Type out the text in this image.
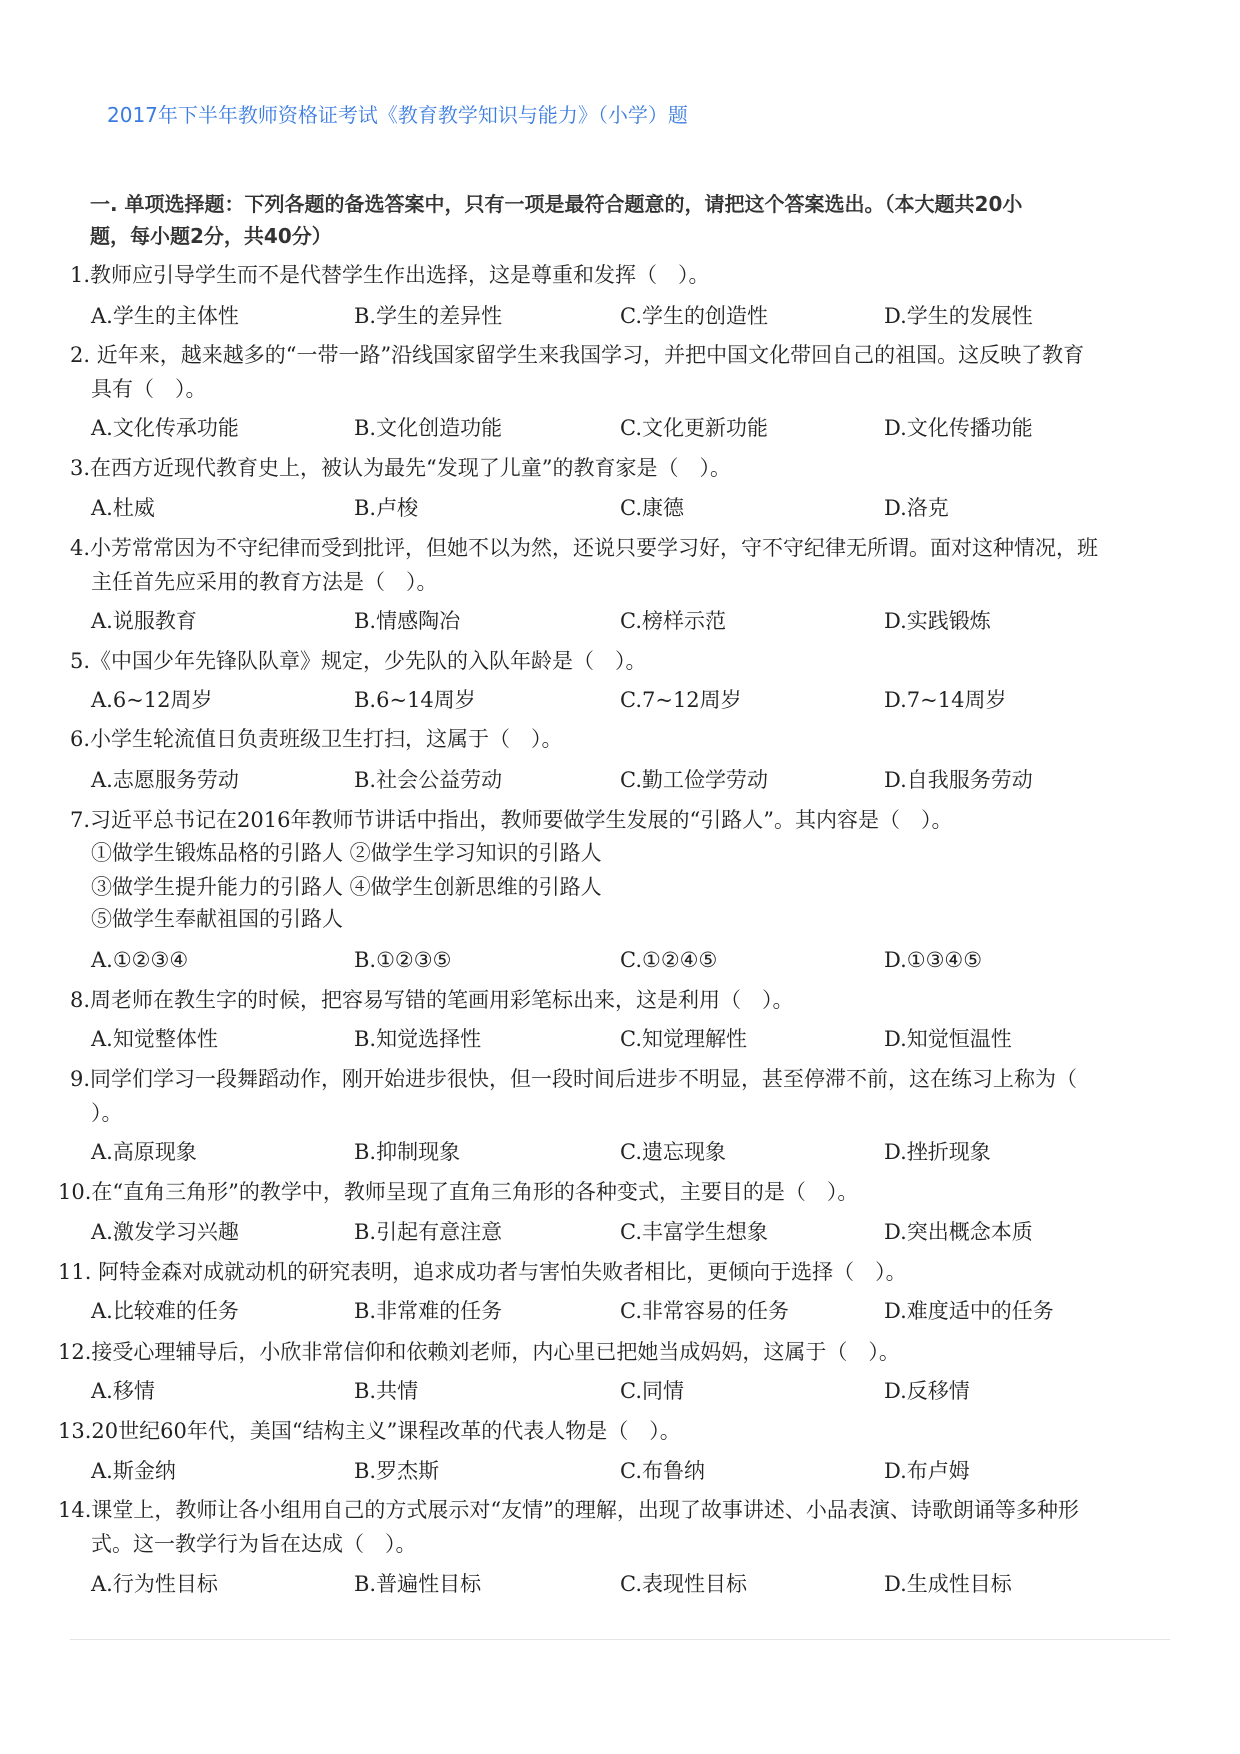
2017年下半年教师资格证考试《教育教学知识与能力》（小学）题
一. 单项选择题：下列各题的备选答案中，只有一项是最符合题意的，请把这个答案选出。（本大题共20小
题，每小题2分，共40分）
1.教师应引导学生而不是代替学生作出选择，这是尊重和发挥（　）。
A.学生的主体性	B.学生的差异性	C.学生的创造性	D.学生的发展性
2. 近年来，越来越多的“一带一路”沿线国家留学生来我国学习，并把中国文化带回自己的祖国。这反映了教育
具有（　）。
A.文化传承功能	B.文化创造功能	C.文化更新功能	D.文化传播功能
3.在西方近现代教育史上，被认为最先“发现了儿童”的教育家是（　）。
A.杜威	B.卢梭	C.康德	D.洛克
4.小芳常常因为不守纪律而受到批评，但她不以为然，还说只要学习好，守不守纪律无所谓。面对这种情况，班
主任首先应采用的教育方法是（　）。
A.说服教育	B.情感陶冶	C.榜样示范	D.实践锻炼
5.《中国少年先锋队队章》规定，少先队的入队年龄是（　）。
A.6~12周岁	B.6~14周岁	C.7~12周岁	D.7~14周岁
6.小学生轮流值日负责班级卫生打扫，这属于（　）。
A.志愿服务劳动	B.社会公益劳动	C.勤工俭学劳动	D.自我服务劳动
7.习近平总书记在2016年教师节讲话中指出，教师要做学生发展的“引路人”。其内容是（　）。
①做学生锻炼品格的引路人 ②做学生学习知识的引路人
③做学生提升能力的引路人 ④做学生创新思维的引路人
⑤做学生奉献祖国的引路人
A.①②③④	B.①②③⑤	C.①②④⑤	D.①③④⑤
8.周老师在教生字的时候，把容易写错的笔画用彩笔标出来，这是利用（　）。
A.知觉整体性	B.知觉选择性	C.知觉理解性	D.知觉恒温性
9.同学们学习一段舞蹈动作，刚开始进步很快，但一段时间后进步不明显，甚至停滞不前，这在练习上称为（
）。
A.高原现象	B.抑制现象	C.遗忘现象	D.挫折现象
10.在“直角三角形”的教学中，教师呈现了直角三角形的各种变式，主要目的是（　）。
A.激发学习兴趣	B.引起有意注意	C.丰富学生想象	D.突出概念本质
11. 阿特金森对成就动机的研究表明，追求成功者与害怕失败者相比，更倾向于选择（　）。
A.比较难的任务	B.非常难的任务	C.非常容易的任务	D.难度适中的任务
12.接受心理辅导后，小欣非常信仰和依赖刘老师，内心里已把她当成妈妈，这属于（　）。
A.移情	B.共情	C.同情	D.反移情
13.20世纪60年代，美国“结构主义”课程改革的代表人物是（　）。
A.斯金纳	B.罗杰斯	C.布鲁纳	D.布卢姆
14.课堂上，教师让各小组用自己的方式展示对“友情”的理解，出现了故事讲述、小品表演、诗歌朗诵等多种形
式。这一教学行为旨在达成（　）。
A.行为性目标	B.普遍性目标	C.表现性目标	D.生成性目标
